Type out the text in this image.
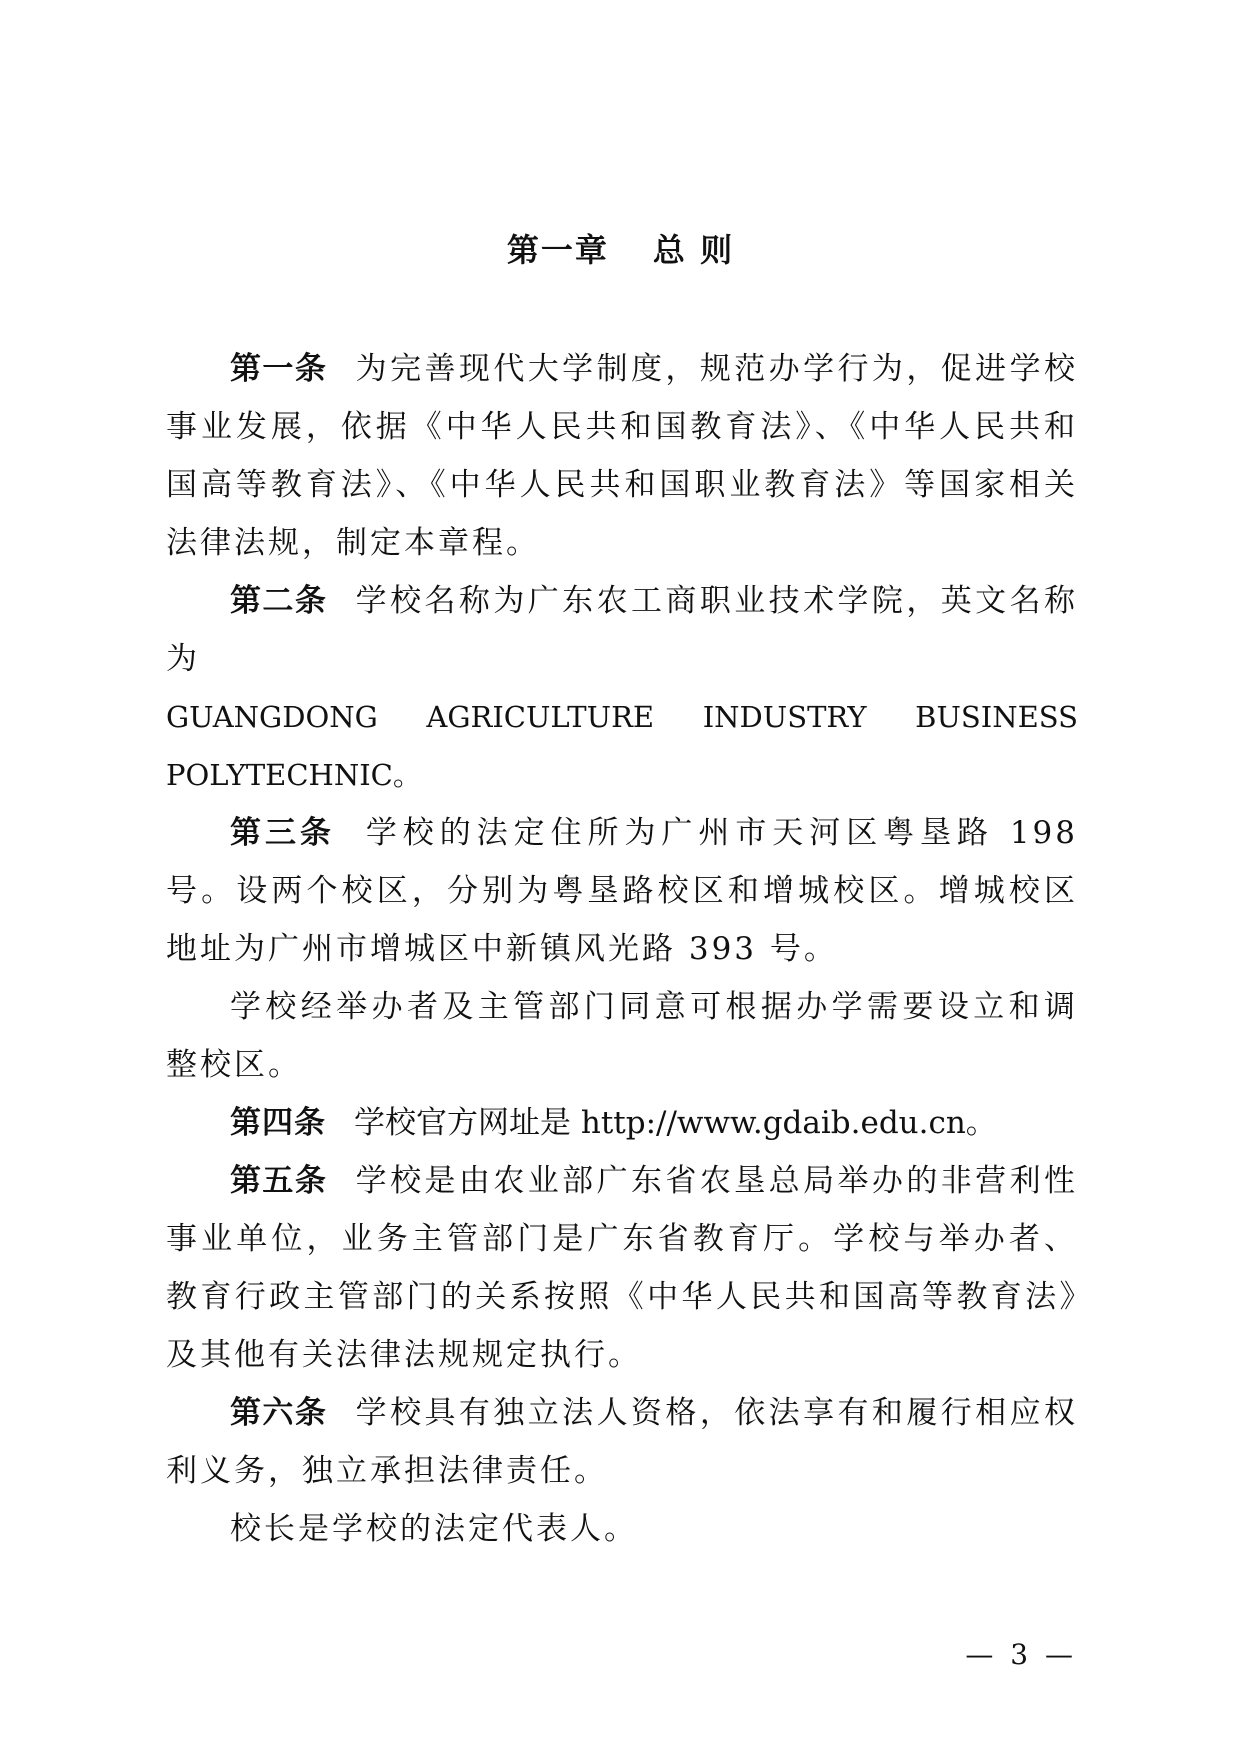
第一章 总 则

第一条 为完善现代大学制度，规范办学行为，促进学校事业发展，依据《中华人民共和国教育法》、《中华人民共和国高等教育法》、《中华人民共和国职业教育法》等国家相关法律法规，制定本章程。

第二条 学校名称为广东农工商职业技术学院，英文名称为

GUANGDONG AGRICULTURE INDUSTRY BUSINESS

POLYTECHNIC。

第三条 学校的法定住所为广州市天河区粤垦路 198 号。设两个校区，分别为粤垦路校区和增城校区。增城校区地址为广州市增城区中新镇风光路 393 号。

学校经举办者及主管部门同意可根据办学需要设立和调整校区。

第四条 学校官方网址是 http://www.gdaib.edu.cn。

第五条 学校是由农业部广东省农垦总局举办的非营利性事业单位，业务主管部门是广东省教育厅。学校与举办者、教育行政主管部门的关系按照《中华人民共和国高等教育法》及其他有关法律法规规定执行。

第六条 学校具有独立法人资格，依法享有和履行相应权利义务，独立承担法律责任。

校长是学校的法定代表人。

— 3 —
